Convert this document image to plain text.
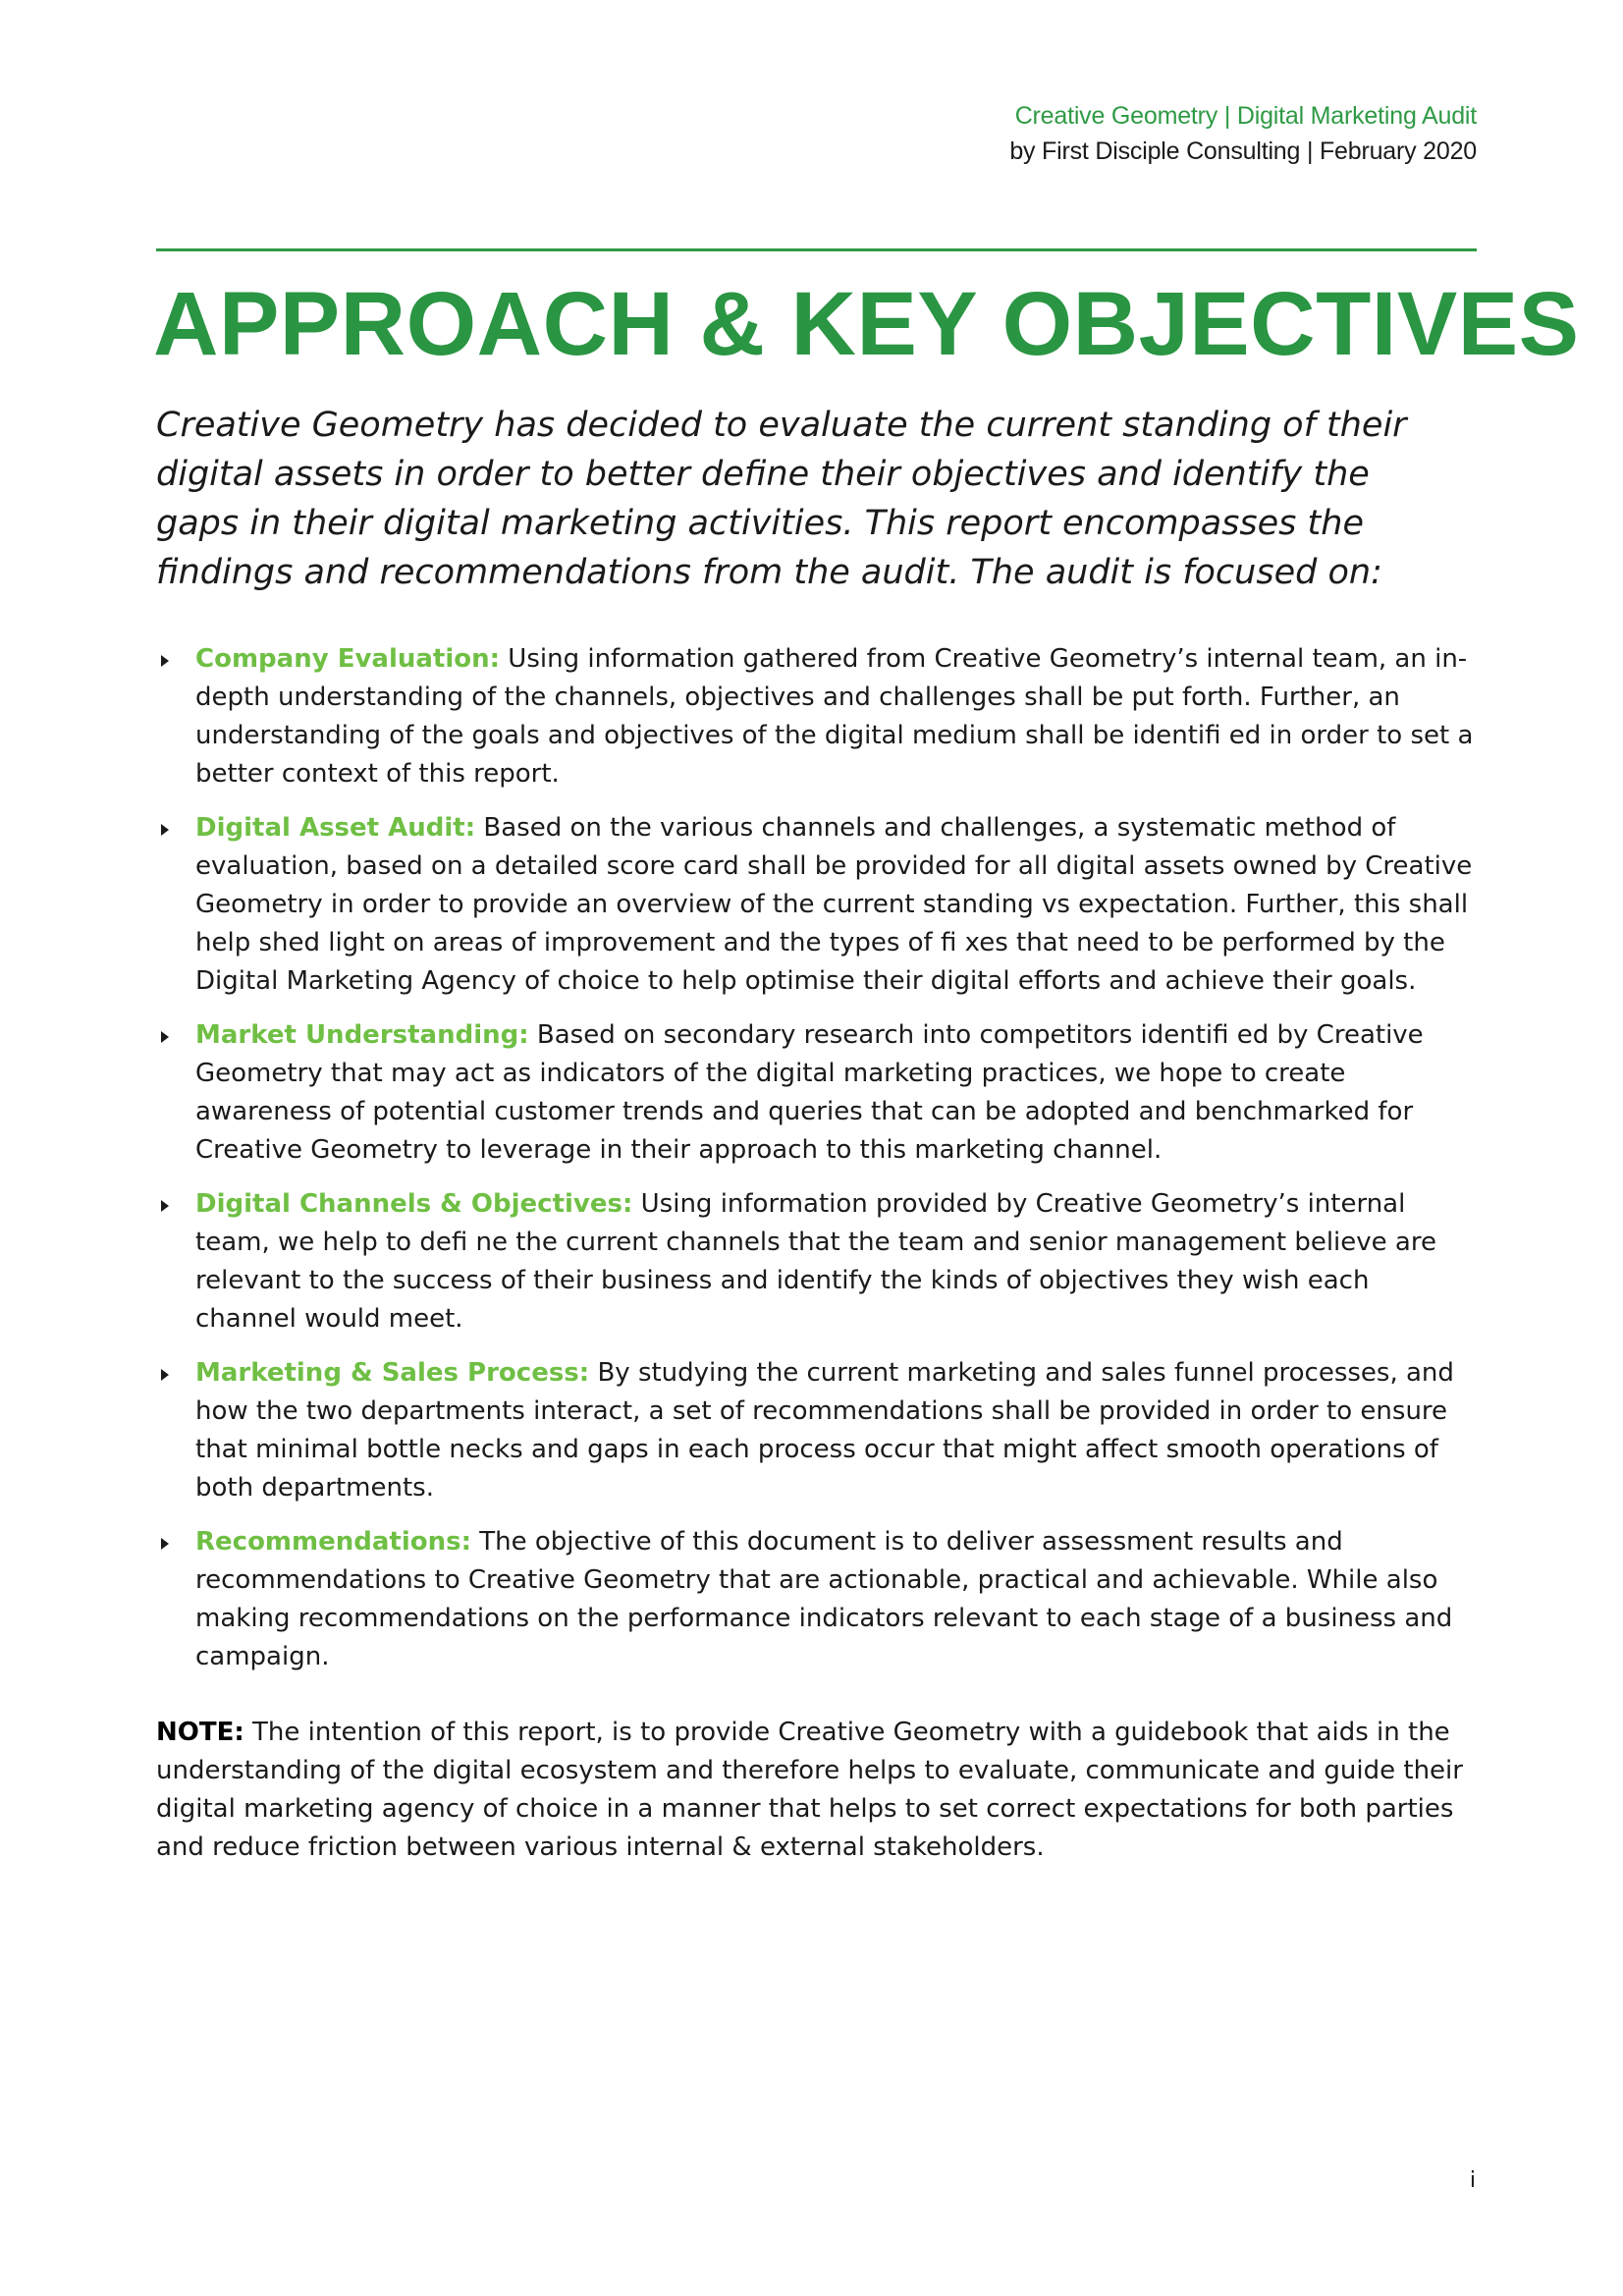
Creative Geometry | Digital Marketing Audit
by First Disciple Consulting | February 2020
APPROACH & KEY OBJECTIVES

Creative Geometry has decided to evaluate the current standing of their digital assets in order to better define their objectives and identify the gaps in their digital marketing activities. This report encompasses the findings and recommendations from the audit. The audit is focused on:

Company Evaluation: Using information gathered from Creative Geometry’s internal team, an in-depth understanding of the channels, objectives and challenges shall be put forth. Further, an understanding of the goals and objectives of the digital medium shall be identifi ed in order to set a better context of this report.
Digital Asset Audit: Based on the various channels and challenges, a systematic method of evaluation, based on a detailed score card shall be provided for all digital assets owned by Creative Geometry in order to provide an overview of the current standing vs expectation. Further, this shall help shed light on areas of improvement and the types of fi xes that need to be performed by the Digital Marketing Agency of choice to help optimise their digital efforts and achieve their goals.
Market Understanding: Based on secondary research into competitors identifi ed by Creative Geometry that may act as indicators of the digital marketing practices, we hope to create awareness of potential customer trends and queries that can be adopted and benchmarked for Creative Geometry to leverage in their approach to this marketing channel.
Digital Channels & Objectives: Using information provided by Creative Geometry’s internal team, we help to defi ne the current channels that the team and senior management believe are relevant to the success of their business and identify the kinds of objectives they wish each channel would meet.
Marketing & Sales Process: By studying the current marketing and sales funnel processes, and how the two departments interact, a set of recommendations shall be provided in order to ensure that minimal bottle necks and gaps in each process occur that might affect smooth operations of both departments.
Recommendations: The objective of this document is to deliver assessment results and recommendations to Creative Geometry that are actionable, practical and achievable. While also making recommendations on the performance indicators relevant to each stage of a business and campaign.

NOTE: The intention of this report, is to provide Creative Geometry with a guidebook that aids in the understanding of the digital ecosystem and therefore helps to evaluate, communicate and guide their digital marketing agency of choice in a manner that helps to set correct expectations for both parties and reduce friction between various internal & external stakeholders.

i
